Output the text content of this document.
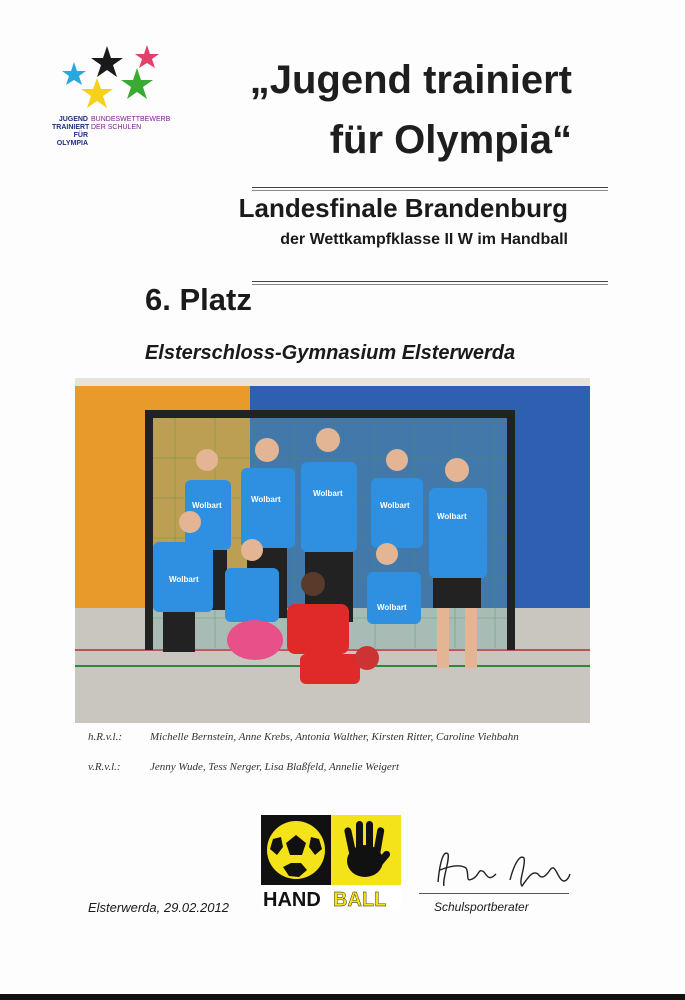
JUGEND
TRAINIERT
FÜR
OLYMPIA
BUNDESWETTBEWERB
DER SCHULEN
„Jugend trainiert
für Olympia“
Landesfinale Brandenburg
der Wettkampfklasse II W im Handball
6. Platz
Elsterschloss-Gymnasium Elsterwerda
Wolbart
Wolbart
Wolbart
Wolbart
Wolbart
Wolbart
Wolbart
h.R.v.l.:	Michelle Bernstein, Anne Krebs, Antonia Walther, Kirsten Ritter, Caroline Viehbahn
v.R.v.l.:	Jenny Wude, Tess Nerger, Lisa Blaßfeld, Annelie Weigert
HAND BALL
Elsterwerda, 29.02.2012	Schulsportberater
